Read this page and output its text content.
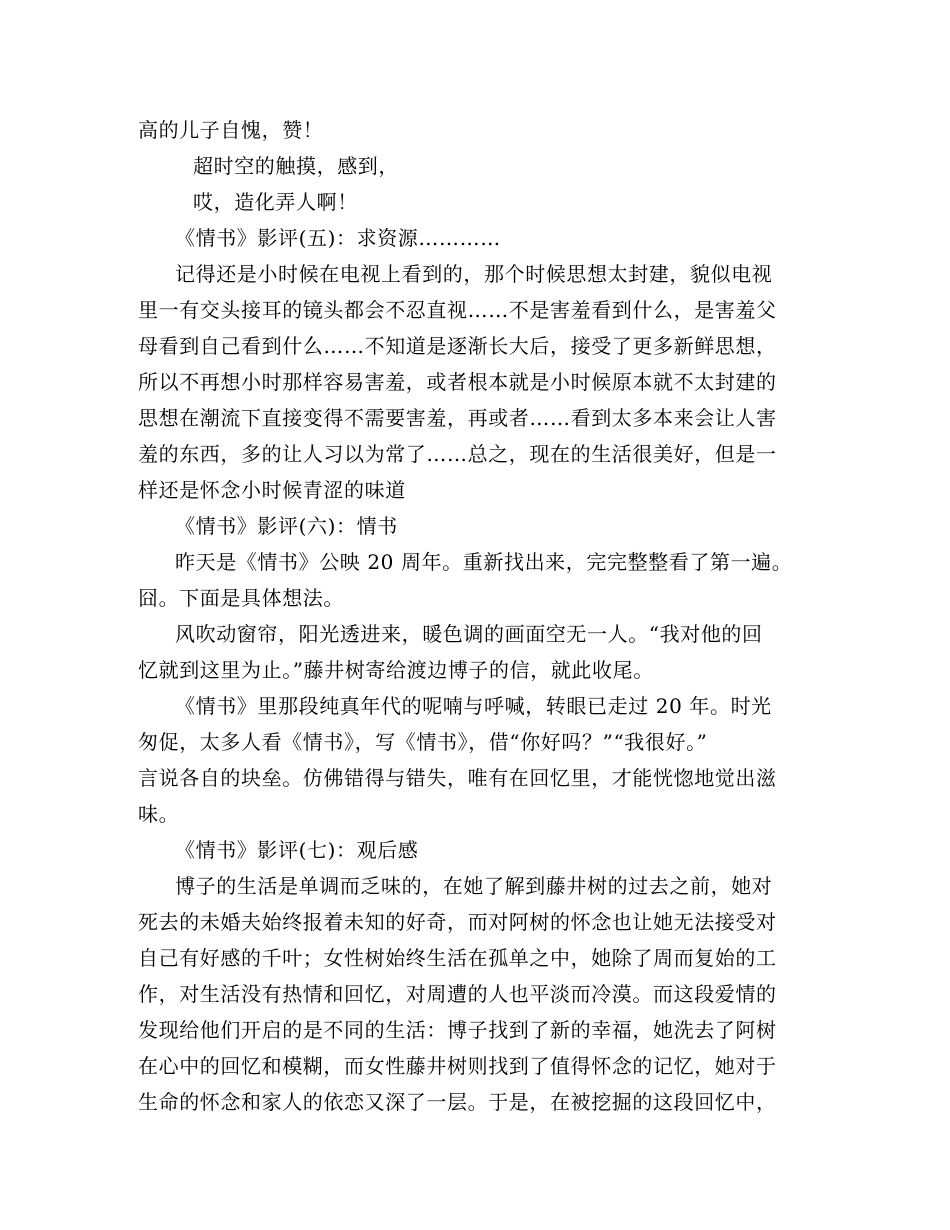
高的儿子自愧，赞！
超时空的触摸，感到，
哎，造化弄人啊！
《情书》影评(五)：求资源…………
记得还是小时候在电视上看到的，那个时候思想太封建，貌似电视
里一有交头接耳的镜头都会不忍直视……不是害羞看到什么，是害羞父
母看到自己看到什么……不知道是逐渐长大后，接受了更多新鲜思想，
所以不再想小时那样容易害羞，或者根本就是小时候原本就不太封建的
思想在潮流下直接变得不需要害羞，再或者……看到太多本来会让人害
羞的东西，多的让人习以为常了……总之，现在的生活很美好，但是一
样还是怀念小时候青涩的味道
《情书》影评(六)：情书
昨天是《情书》公映 20 周年。重新找出来，完完整整看了第一遍。
囧。下面是具体想法。
风吹动窗帘，阳光透进来，暖色调的画面空无一人。“我对他的回
忆就到这里为止。”藤井树寄给渡边博子的信，就此收尾。
《情书》里那段纯真年代的呢喃与呼喊，转眼已走过 20 年。时光
匆促，太多人看《情书》，写《情书》，借“你好吗？”“我很好。”
言说各自的块垒。仿佛错得与错失，唯有在回忆里，才能恍惚地觉出滋
味。
《情书》影评(七)：观后感
博子的生活是单调而乏味的，在她了解到藤井树的过去之前，她对
死去的未婚夫始终报着未知的好奇，而对阿树的怀念也让她无法接受对
自己有好感的千叶；女性树始终生活在孤单之中，她除了周而复始的工
作，对生活没有热情和回忆，对周遭的人也平淡而冷漠。而这段爱情的
发现给他们开启的是不同的生活：博子找到了新的幸福，她洗去了阿树
在心中的回忆和模糊，而女性藤井树则找到了值得怀念的记忆，她对于
生命的怀念和家人的依恋又深了一层。于是，在被挖掘的这段回忆中，
